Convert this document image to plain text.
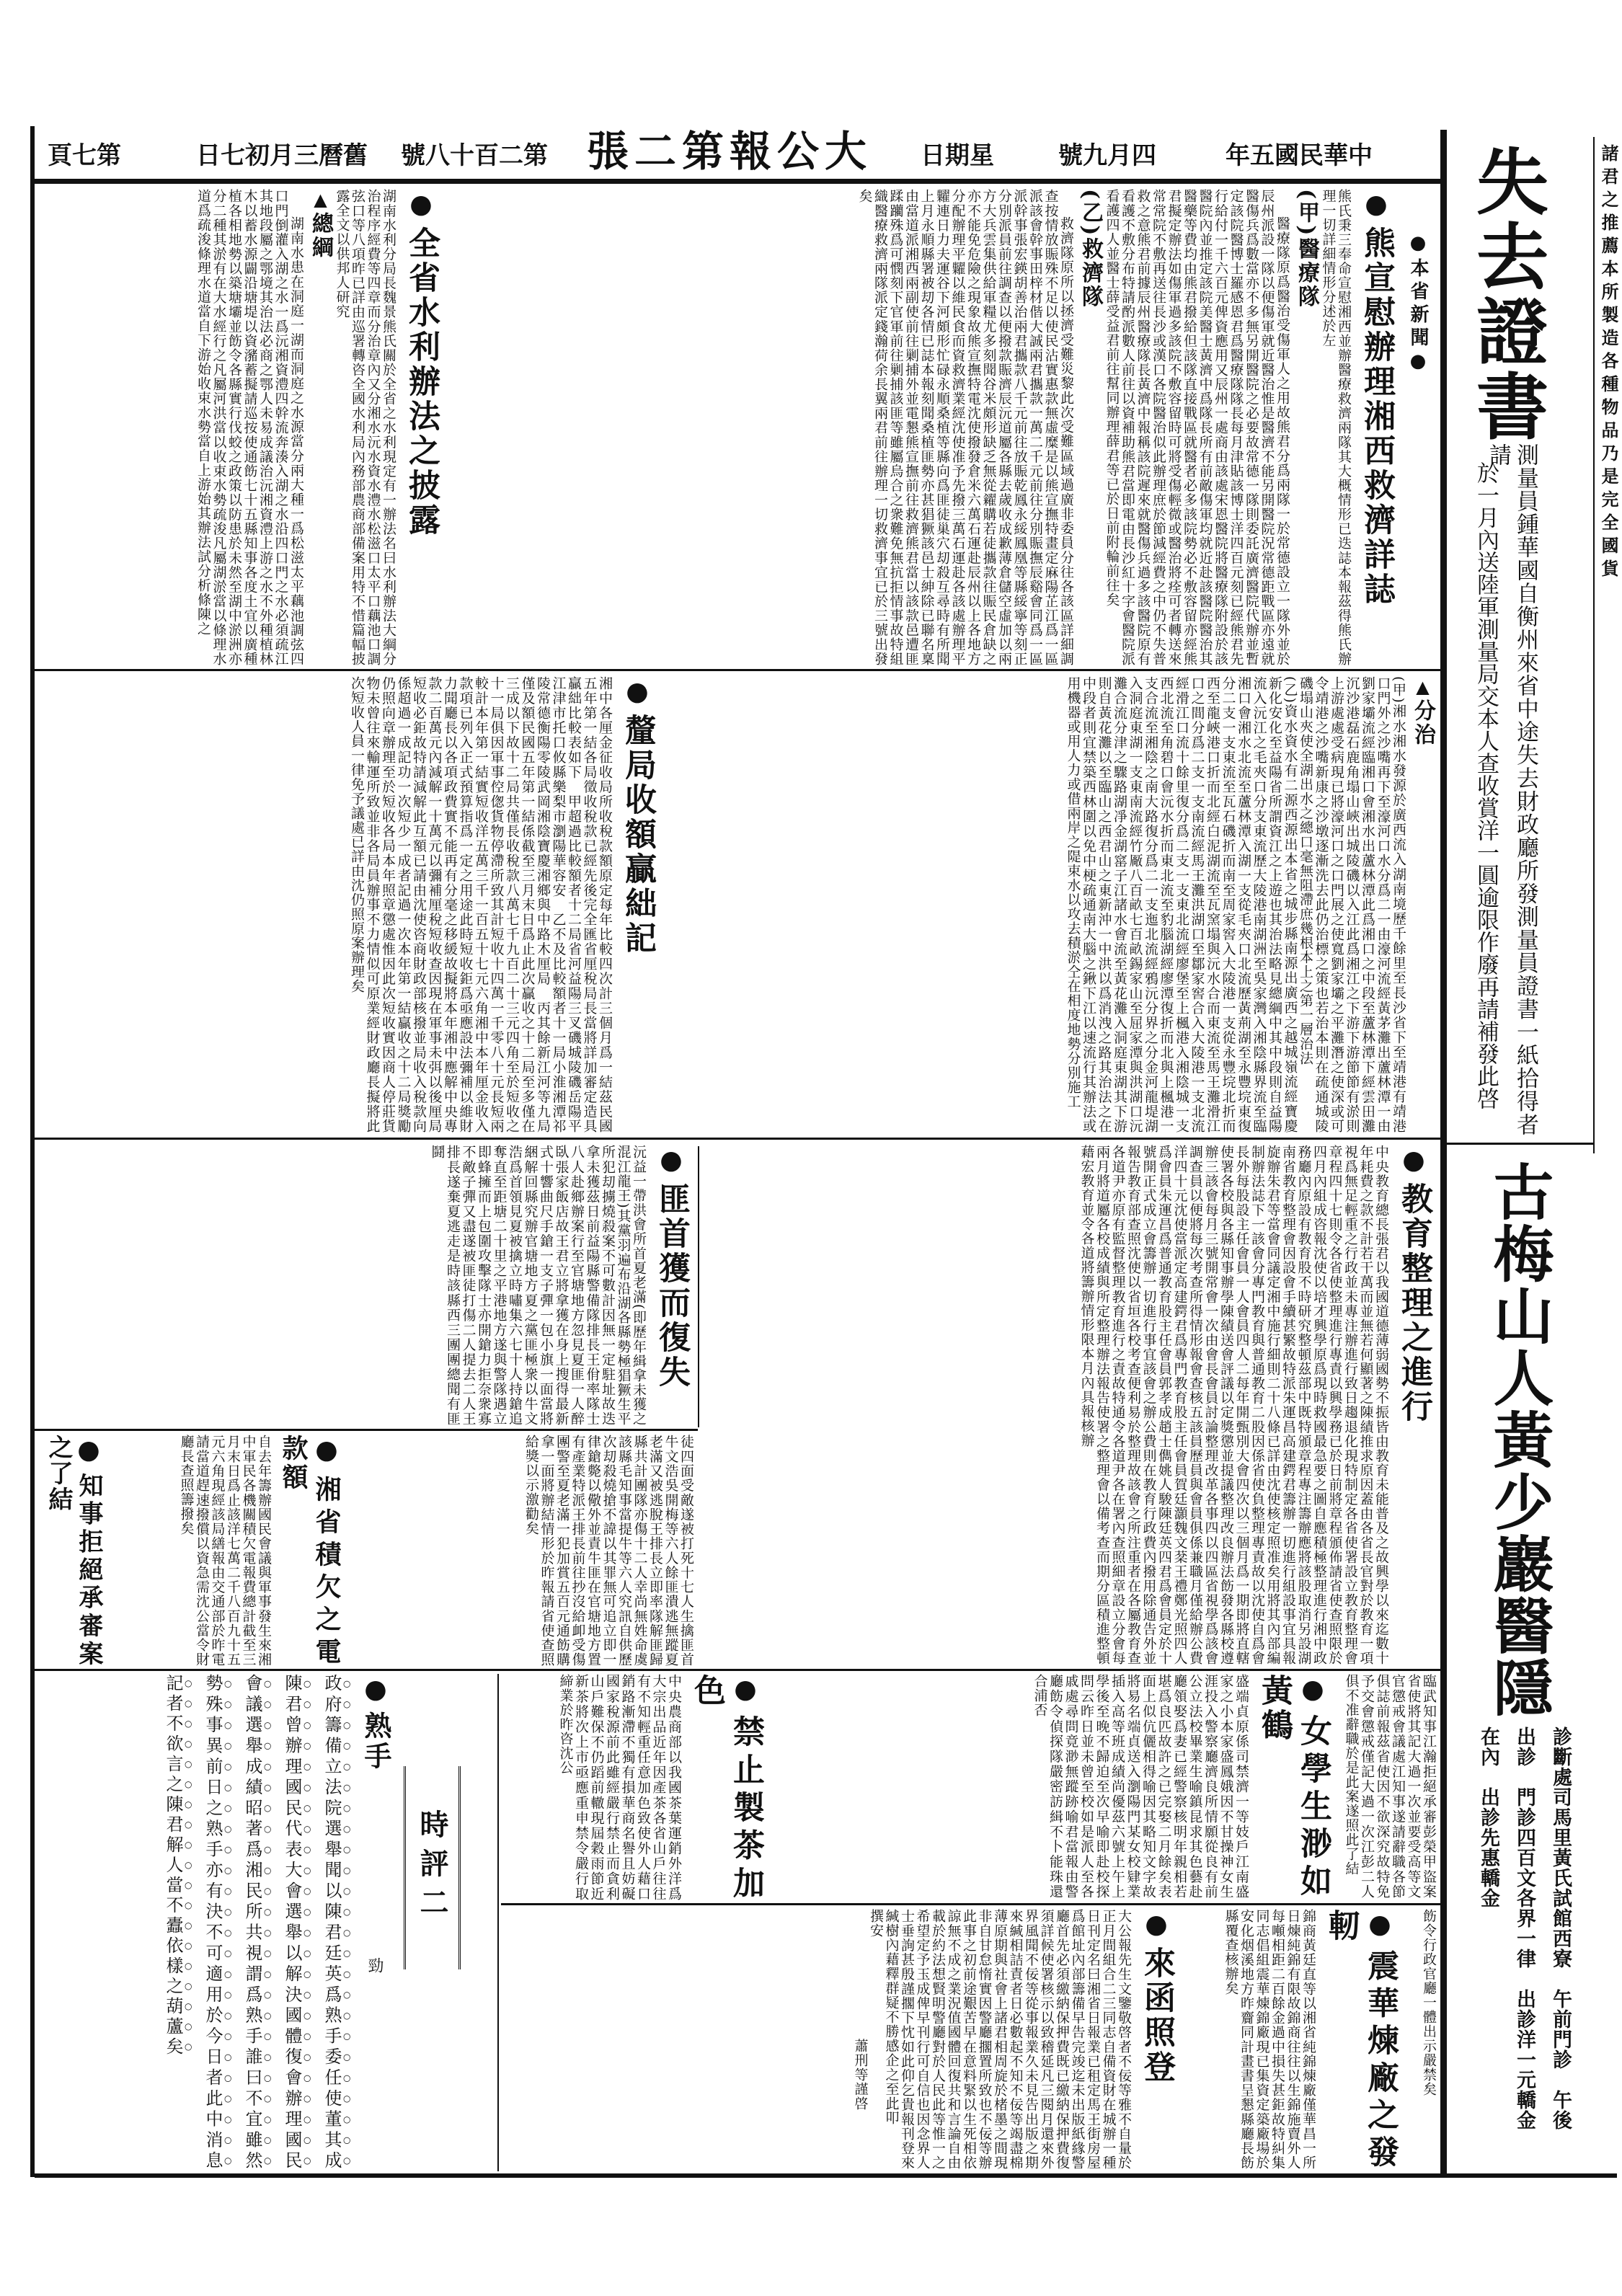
中華民國五年
四月九號
星期日
大公報第二張
第二百十八號
舊曆三月初七日
第七頁
● 本省新聞 ●
● 熊宣慰辦理湘西救濟詳誌

熊氏秉三奉命宣慰湘西並辦醫療救濟兩隊其大概情形已迭誌本報茲得熊氏辦理一切詳細情形分述於左

(甲)醫療隊

醫療隊原爲醫治受傷軍人之用故熊君分爲兩隊一於常德設立一隊外並於辰州派設一隊以便傷軍就近醫治惟是醫濟不能另開醫院況常德距戰區亦遠就醫傷兵爲數當亦不多無另開醫院之必要故常德一隊則委託廣濟醫院代辦並暫定該院醫博士羅感恩君爲醫療隊隊長每月津貼該博士洋四百元刻已經熊君先行給付一千六百元俾資應用又辰州一處商由該處宋恩醫院將醫療隊附設於該醫院內並推定該院美醫士黃濟中爲隊長所有前敵傷軍均就近赴該醫院醫治其醫藥等費均由熊君撥給但該隊直接戰區就醫者必多該院勢必不敷容留亦經熊君擬定辦法如傷軍過多該院不敷容留時可將受傷輕微或醫治將痊可者轉送來常常院不敷再送往長沙或漢口各院醫治似此辦理庶於節減經費之中仍不失普救之意熊君前據辰州醫療隊長黃濟中報稱該院遲來就醫傷兵過多該醫院原有看護不敷分布特請酌派數人前往以資補助熊君當即電由長沙紅十字會醫院派看護四人並醫士薛受益君前往幫同辦理薛君等已於日前附輪前往矣

(乙)救濟隊

救濟隊原所以拯濟受難災黎此次受難區域過廣非委員分往各該區詳細調查按情放賑殊不足以使民沾實惠款無虛糜是以熊宣撫特畫定麻陽芷江爲一區派該會幹事田梓材偕大誠兩君攜款一萬二千元前往分別賑撫辰谿會同爲一區派幹事張宏鍈胡善治兩君攜款八千元前往放賑乾鳳永綏鳳凰等縣綏寧等刻正分別派員前往調查以便撥款賑濟辰沅道屬各縣去歲收成歉薄倉儲空虛加以兩方大兵雲集供給軍糧尤多刻聞谷米頗形缺乏無從糴購若徒攜款往賑民倉缺之亦不能免危險之現象故熊宣撫特電沈使撥發倉米六萬石運赴辰州以上各地方分配辦理平糶以維民食而資救濟業經沈使准予先撥三萬石運赴各該處辦理平糶連日力夫運谷下河頗形忙碌永順桑植等縣向爲匪徒巢穴刧殺互尋時有所聞上月永順縣署被刧各情已誌本報刻聞桑植匪勢亦甚猖獗該邑士紳除已聯名稟由當道派湘西兩副使前往剿捕外並電懇熊宣撫前往救濟熊君當以該款邑遭匪蹂躪殊爲可憫刻下官軍前往剿捕該匪等雖屬烏合之衆難免無抗拒情事故特組織醫療救濟兩隊派定錢瀚荷余長翼兩君前往辦理一切救濟事宜已於三號出發矣

● 全省水利辦法之披露

湖南水利分局長魏景熊氏關於全省之水利現定有一辦法名曰水利辦法大綱分治程序經費等四章而分治章內又分湘水沅水資水澧水松滋口太平口藕池口調弦口等八項昨已詳由巡署轉咨全國水利局內務部農商部備案用特不惜篇幅披露全文以供邦人研究

▲ 總綱

湖南水患在洞庭一湖而洞庭之水源當分兩大種一爲松滋太平藕池調弦四口門倒灌入湖之水一爲沅湘資澧四幹流奔湊入湖之水沿四口門之水必須疏江其地段屬之鄂境其治法必商之鄂人未易成議治沅湘資澧上游之水不外種植林木以蓄水源闢沿塘堤以資瀦蓄擬請巡按使通飭七十五縣知事各度土宜以廣種植各相地勢以築塘壩並飭令各縣實行伐蛟之政策以防患於未然至湖中淤洲亦分二種其淤有在大水經行之凡屬河洪當以收束水勢疏浚凡屬湖淤當以條理水道爲疏浚條理水道當自下游始收束水勢當自上游始其辦法試分析條陳之

▲ 分治

(甲)湘水湘水發源於廣西流入湖南境歷千餘里至長沙省下至靖港有靖港口門外之沙嘴再下至濠河口水分爲二一由濠河流經黃茅灘出蘆林潭一由劉家壩流經臨湘口會湘水出蘆林潭此爲湘口之中段至蘆林潭下經雲田灘沉沙港磊石鹿角塌山峽出城陵磯以入江此爲湘江之下游下游節節有淤則上游處處受病現已將濠河口之口門展之使寬劉家壩之平灘潛之使深或可令靖港之沙嘴新康之沙墩逐漸洗去此仍治標之策也若治本則在疏通城陵磯塌山夾使全湖出水之總口毫無阻滯庶幾根本上之第一層治法

(乙)資水資水有二源西源出本省之城步縣南源出廣西之越城嶺流經寶慶新化安化至益陽省所謂資江之上遊也其治法略見總綱中其中段則自益陽流入沅江之毛夾口分支東流歷大陵港南湖洲至吳家灣入湘陰縣界流至臨湘口會湘水北流至蘆林潭入湖一支從毛夾口北流歷黃荊湖至永豐垸東復分二支一支東流至瓦石磯折而南至周家窖入大陵港一支從永豐垸北折而西至龍峽港口折而北經白泥湖流至瓦窯塌與沅水合而東流至馬王灘滑江口之間分爲二支一支南流經馬王灘洪湖口至鄒家窖合入大陵港一支北流經滑江口流十餘里復分爲二支一支東北流經廖堡至上楓港入湘陰城一支西北流至角碧口會沅水折而東北流至豹腦湖經廖潭復折而北與上楓港一支合流至湘陰之南大路復分爲二一支迤北流經鴉沅分界之分金河龍堤湖入洞庭東湖一支東南流經竹厰八百畝七百畝錫家山至屈家潭與洪湖口沅灘合流分津之驟路湖凈金湖窰子江諸水會流至黃花灘入洞庭東湖其下游則自黃花灘以至臨山之西君山之東新沖一中洪以爲消洩之路其治法之在中段者則宜禁築西林圍以免中梗疏通南大腦之鍬下江以速流行其辦法或用機器或用人力或借兩岸之隄束水以攻去積淤仝在相度地勢分別施工

● 釐局收額贏絀記

湘中各厘金征收局所收稅款額原定每年比較四次計三個月爲一結茲民國五年第一結各局徵收稅款已經先後完全匯省厘稅局長當將詳加審定造具贏絀比較表如下　甲超過比較額者十二局省河益陽三叉磯城陵磯岳陽平江津市托口攸縣樂梨市瀏陽華容安　乙不及比較額者十一局小淮湘潭祁陵常德衡陽零陵武岡湘陰寶慶湘鄉與中路木厘局　丙其餘新江河等九局僅及額民國五年第一結係截至三月末日爲止此次贏收之十二局至多僅在三成以下故十二局共僅長收稅款八萬七千九百二十三元四角至於短收之十一局俱因軍事倥偬貨物停滯所致其計短收十四萬一千零八十元長短兩較計本年第一結實短收洋五萬三千一百五十七元六角湘中本年厘金收入款項已列入正式預算指爲一定之用途此時短收鉅爲亟應設法彌補以維財力聞廳長以各項政費實不能再有分毫之移緩故擬將本年湘中應解中央專款二百萬元內減解一十萬元以彌補厘稅短收查因現在軍事未弭以後厘局短收必鉅故特請減解此互額已請由沈使咨商財政部核撥並局收入稅款向係超過一成記功一次短少一成者記過一次本年第一結贏收之十二局獎勵仍照向章辦理至於短收各局本年照章懲處惟因此次短收實因商人停莊貨物未曾往來輸運所致並非各局員辦事不力情似可原業經財政廳長擬將此次短收人員一律免予議處已詳由沈仍照原案辦理矣

● 教育整理之進行

中央教育總長張君以我國道德薄弱國勢不振皆由教育未能普及之故興學以來迄數十年耗費之款不計若干萬而並無若何顯著之陳績推求原因蓋由各省長官對於教育一項視爲無足輕重之行政並未專注辦進行致日趨退化現特制定各省使署設立教育整理會章程四十七則令各省使整理進行專責以興學務已於日前將章程頒佈請省使查照限於四月內組成咨報沈使以培才興學原爲現時救國最急要之圖自應積極整理進行湘中政務廳內原設有教育股不時研究整頓茲部中既特頒章程專注籌辦應將該股取消另設湖南省教育整理會因設會手續甚繁故特派朱運昌高建鍔君籌辦一切進行組設事宜具報旋辦朱君等當會同議定湘中施行細則二十八條已詳由沈使核定照准矣用將其內部編制辦法誌下一該會分專門教育與普通教育二股因係省使負整理專責故以沈使自爲會長外每股設主任會員一人會員四人二每年開甄別大會四次以三個月爲一期即將直轄使署各校與各縣知事辦學陳績送會評議以定獎懲並提議整理改良辦法飭發各縣校遵辦三該會每月三號開常會一次由會長會員討論整理改革各事四以四區省視學爲該會調查員以便將每次考查所得情形報會查核五該員歷員與會員俱係兼職月僅給辦公費洋四十元沈使當派定高建鍔君爲專門教育股主任會員賀廷灝魏文棻王禮鄭光照四人爲會員朱運昌爲普通教育股主任會員郭孝成趙士儁姚人駿陳廷英四君爲會員定於十號開正式成立會籌辦一切進行事宜該會之辦公費則在教育行政費內撥用除通告外並報告教育部查照沈使以省垣各校考查便利易於整理故該會之所注重者在各屬教育查各道尹亦原有監督整理教育進行之責故特通令各道尹各在署內查照細章設立分會每兩月將道屬各校成績與所定整理辦法報告使署之整理會以備考查而期分區積進整頓藉宏教育並令各道將籌辦情形限本月內具報核辦

● 匪首獲而復失

沅益一帶洪會所首夏老滿(即歷年緝拿未獲之混江龍王)其黨羽遍布沿湖各縣勢極猖獗生平所犯刧擄燒殺案不可數計因無一定駐址故迭拿未獲茲日前益陽縣警備隊排長王佾率隊士八人赴鄉辦案行至官塘地方忽見夏匪一人醉臥張家飯店故王君立將拿獲在身上搜得最新式十響曲尺手鎗一支子彈一包小旗一面當將綑解回縣究辦官塘地方夏之黨匪極衆以牛文浩爲首領見夏被擒立時嘯集六七十人持鎗追奪直至距塘二十里之平港地方遂與警隊遇立即蜂擁而上包圍攻擊隊士亦開鎗力拒奈衆寡不敵子彈又盡遂被匪徒打傷二人提去二人王排長遂棄夏逃走是時該縣西三團團總聞有匪鬪

徒四面受敵遂被打死十七人生擒匪首牛文浩吳開梅等六人餘匪潰逃無蹤夏老滿又被逃脫王排長立即率隊解匪歸縣共計團隊亦傷十二人幸尚無姓命虞該縣毛知事當提牛等六人究訊自供歷次刧殺燒搶不諱以其罪無可追立即一律鎗斃以儆外並責牛匪在官塘地方置有產業特派王排長前往抄沒給卹受傷團警至夏老滿一犯加賞五百元通飭購拿一面將辦結情形於昨報請省使查照給獎以示激勸矣

● 湘省積欠之電款額

自去年籌辦國民會議與軍事發生來湘中軍民各機關積欠電報費總計截至三月末日爲止該洋七萬二千八百九十五元六角現經該局繕報由交通部於昨電請當道趕速撥償以資急需沈公當令財廳長查照籌撥矣

● 知事拒絕承審案之了結

臨武知事江瀚拒絕承審彭榮甲盜案省使將其記大過一次並要受高等文官懲戒會議處江知事遂請辭職各節俱誌前報茲省使因不欲深究故特免予交會懲戒僅記大過一次江彭二人俱不准辭職於是此案遂照此了結

● 女學生渺如黃鶴

盛端貞原係司禁濟一等妓戶江南盛家之小本家盛鳳娥因不甘操神女生涯投入警察廳濟良所情願從良有前公立法校畢業生喻鎮昆求其色藝赴廳領娶爲妻已經警察核明年親相若堪爲良匹故許之已完娶二月餘矣表面上似伉儷相得喻因其略知文字故將易名端貞送入瀏陽門某女校肄業插入高等班成績尚優茲六號上午上學後至晚不歸迫至次早喻即赴校探問云昨日並未曾至校如是派人至各戚處尋問竟渺無蹤跡喻君當報由警廳飭令偵探隊嚴密訪緝不卜能珠還合浦否

● 禁止製茶加色

中央農商部以我國茶葉運銷外洋爲大宗出品近年因產茶各省山戶往往有不知輕重任意加色致使外人藉口銷路漸滯不獨有損華商名譽且妨礙國家稅源前此雖經嚴行禁止而貪利山戶難保不仍蹈前轍現屆穀雨節近新茶將次上市亟應重申禁令嚴行取締業於昨咨沈公

飭令行政官廳一體出示嚴禁矣

● 震華煉廠之發軔

錦商黃廷直等以湘省純錦煉廠僅華昌一所日煉純錦有限故錦商往往以生錦施賣外人每噸相距二百餘金過中損失甚鉅故特糾集同志倡組震華煉錦廠現已集資定築廠場於安化烟溪地方昨齎同計畫書呈懇縣廳長飭縣覆查核辦矣

● 來函照登

大公報先生文鑒敬啓者不佞等雅不自量於正月間組合二三同志自備資財在城辦一種日刊定名曰湘省日報業已租定馬王街房屋爲館址內部籌備早告完竣迄未出版紙緣警廳首先必須繳納保押費既已繳納保押費復須詳候使署核示以致稽延凡三閱月還來外界風聞不佞等從事報業久未見告出版之期來緘相詰責者日必數起不知不佞等竭盡棉薄原期與社會上諸君相周旋於楮墨之間現非自甘怠惰實因警廳擱置所致也不佞等辦此事之初前途艱苦早在意料緊以生死相依諒無不成之業況值國體回復共和言論自由載於約法想賢明警廳對於人民此等惟一之希望定予玉成俾早刊行可自信也因念界人士垂詢甚殷謹擱下忱如此仰乞貴報刊登來緘樹內藉釋群疑不勝感企之至此叩

撰安

蕭刑等謹啓

時評二
● 熟手

政府籌備立法院選舉聞以陳君廷英爲熟手委任使董其成陳君曾辦理國民代表大會選舉以解決國體復會辦理國民會議選舉成績昭著爲湘民所共視謂爲熟手誰曰不宜雖然勢殊事異前日之熟手亦有決不可適用於今日者此中消息記者不欲言之陳君解人當不蠹依樣之葫蘆矣	勁
失去證書
測量員鍾華國自衡州來省中途失去財政廳所發測量員證書一紙拾得者請
於一月內送陸軍測量局交本人查收賞洋一圓逾限作廢再請補發此啓
諸君之推薦本所製造各種物品乃是完全國貨
古梅山人黃少巖醫隱
診斷處司馬里黃氏試館西寮　午前門診　午後
出診　門診四百文各界一律　出診洋一元轎金
在內　出診先惠轎金
